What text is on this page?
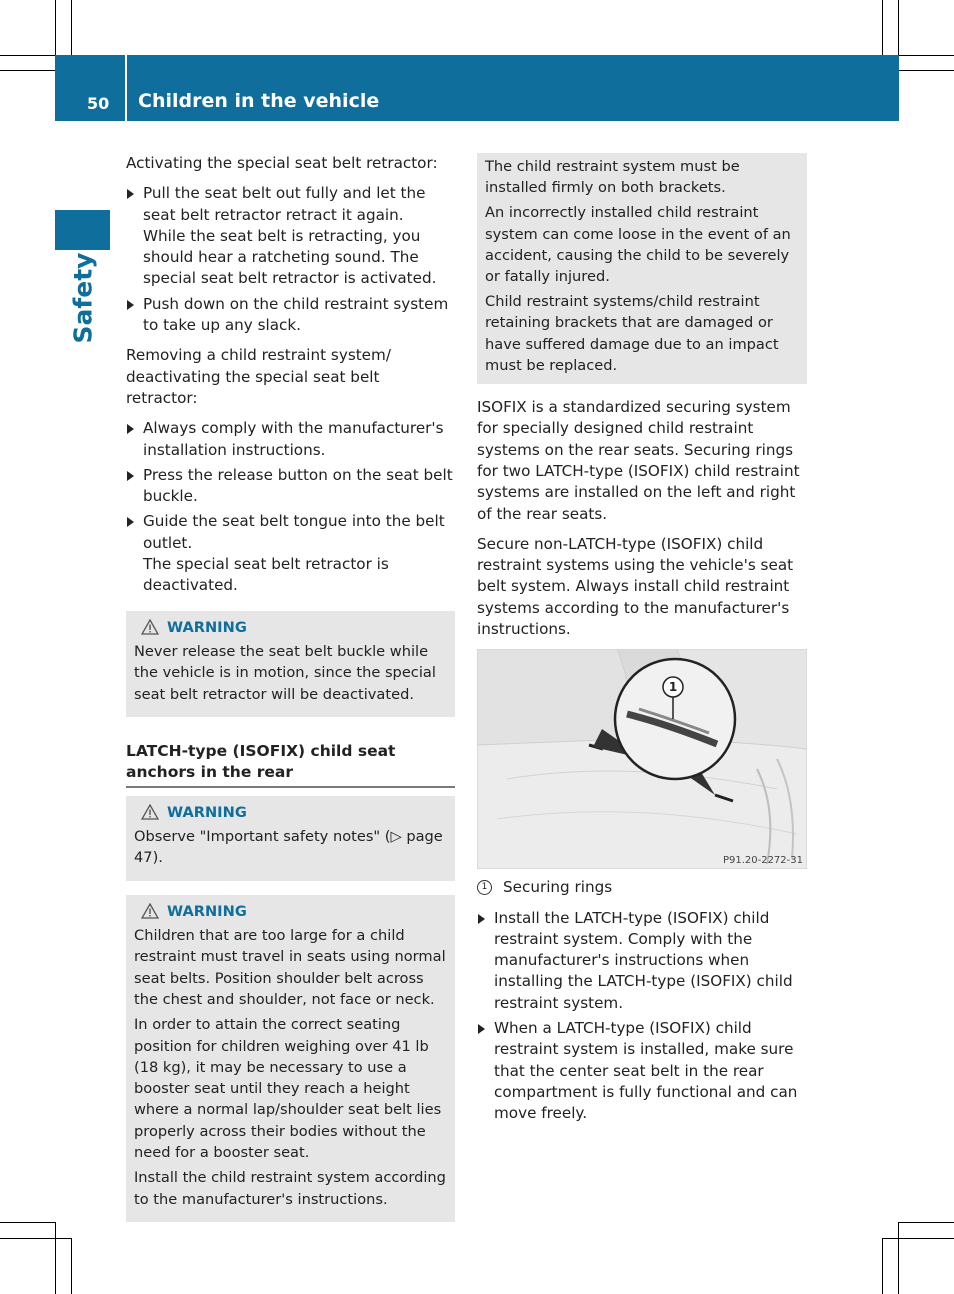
50 Children in the vehicle
Safety

Activating the special seat belt retractor:

Pull the seat belt out fully and let the seat belt retractor retract it again.
While the seat belt is retracting, you should hear a ratcheting sound. The special seat belt retractor is activated.
Push down on the child restraint system to take up any slack.

Removing a child restraint system/ deactivating the special seat belt retractor:

Always comply with the manufacturer's installation instructions.
Press the release button on the seat belt buckle.
Guide the seat belt tongue into the belt outlet.
The special seat belt retractor is deactivated.
WARNING

Never release the seat belt buckle while the vehicle is in motion, since the special seat belt retractor will be deactivated.

LATCH-type (ISOFIX) child seat anchors in the rear
WARNING

Observe "Important safety notes" (▷ page 47).

WARNING

Children that are too large for a child restraint must travel in seats using normal seat belts. Position shoulder belt across the chest and shoulder, not face or neck.

In order to attain the correct seating position for children weighing over 41 lb (18 kg), it may be necessary to use a booster seat until they reach a height where a normal lap/shoulder seat belt lies properly across their bodies without the need for a booster seat.

Install the child restraint system according to the manufacturer's instructions.

The child restraint system must be installed firmly on both brackets.

An incorrectly installed child restraint system can come loose in the event of an accident, causing the child to be severely or fatally injured.

Child restraint systems/child restraint retaining brackets that are damaged or have suffered damage due to an impact must be replaced.

ISOFIX is a standardized securing system for specially designed child restraint systems on the rear seats. Securing rings for two LATCH-type (ISOFIX) child restraint systems are installed on the left and right of the rear seats.

Secure non-LATCH-type (ISOFIX) child restraint systems using the vehicle's seat belt system. Always install child restraint systems according to the manufacturer's instructions.

1
P91.20-2272-31
1	Securing rings
Install the LATCH-type (ISOFIX) child restraint system. Comply with the manufacturer's instructions when installing the LATCH-type (ISOFIX) child restraint system.
When a LATCH-type (ISOFIX) child restraint system is installed, make sure that the center seat belt in the rear compartment is fully functional and can move freely.
